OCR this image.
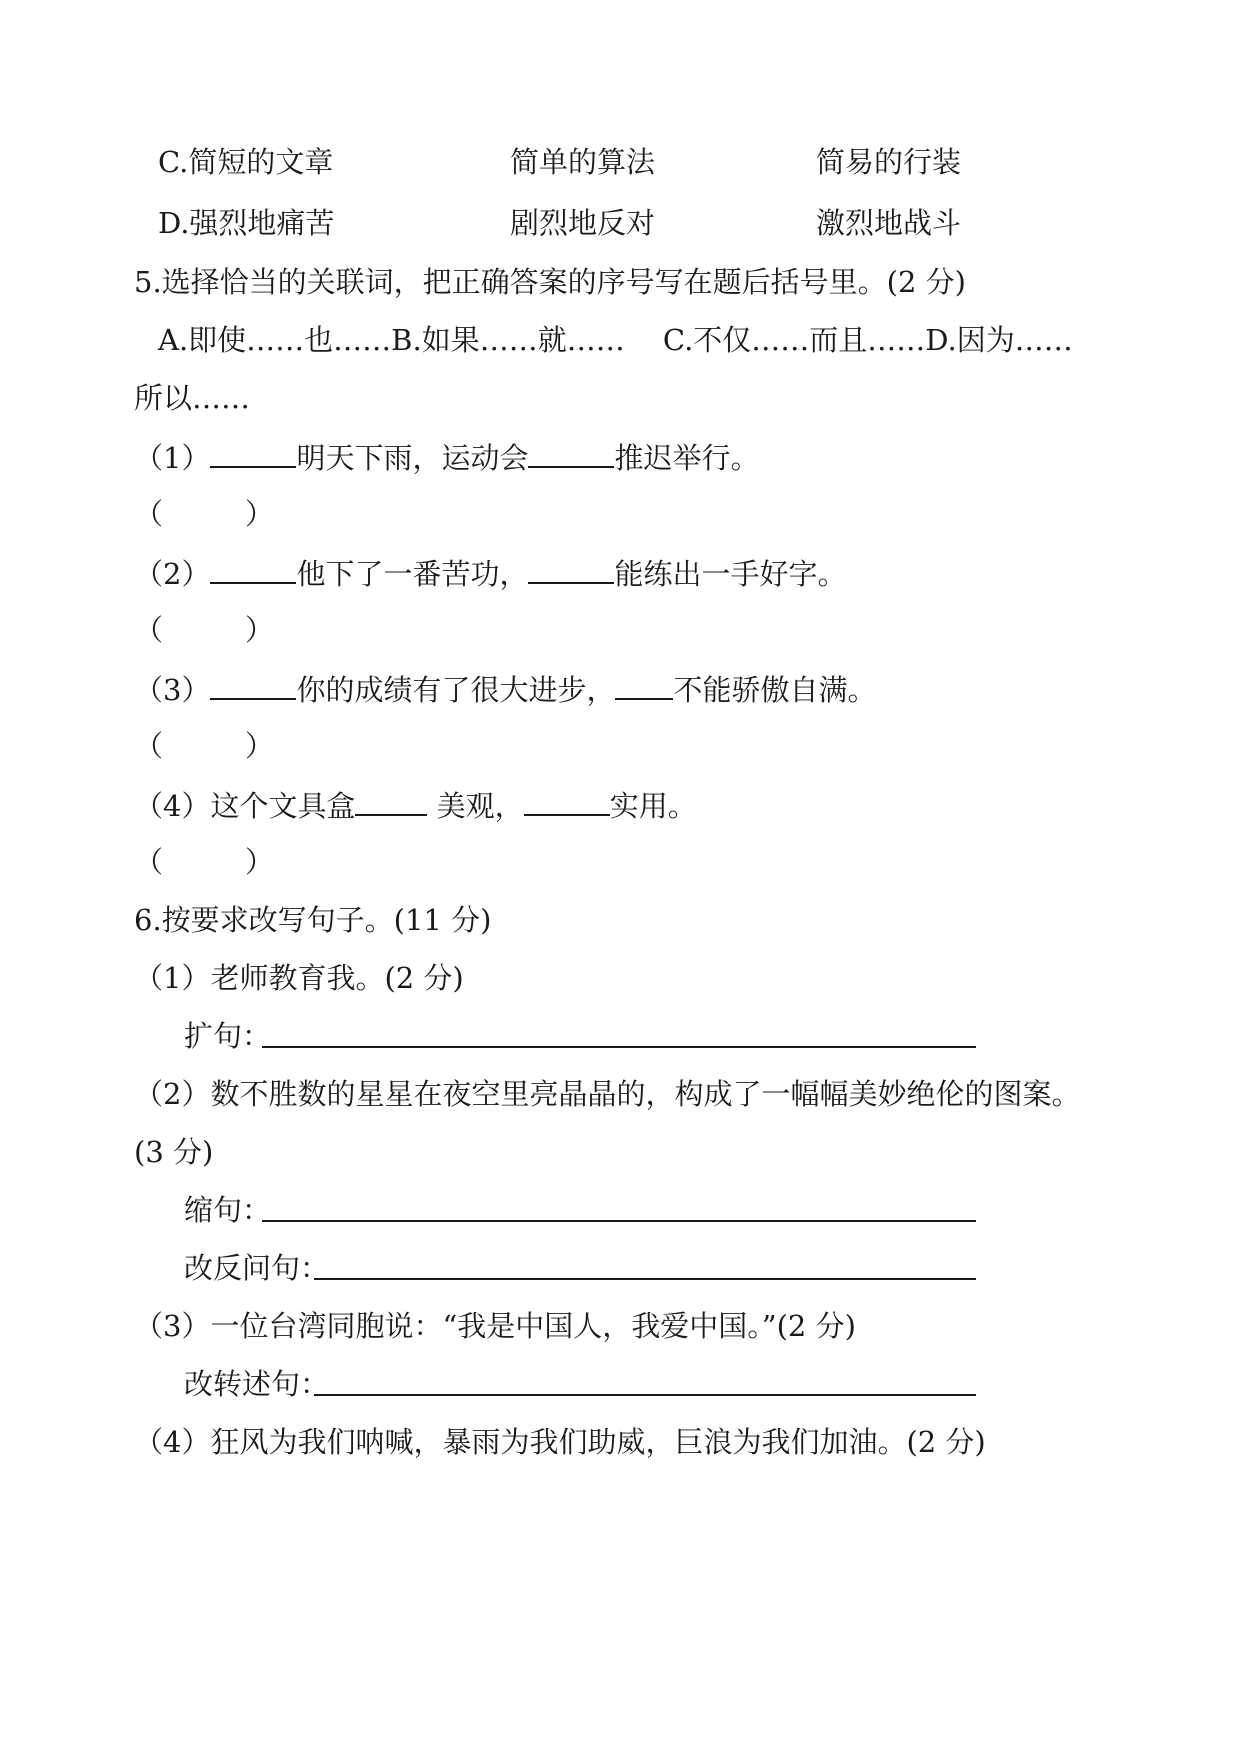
C.简短的文章	简单的算法	简易的行装
D.强烈地痛苦	剧烈地反对	激烈地战斗
5.选择恰当的关联词，把正确答案的序号写在题后括号里。(2 分)
A.即使……也……B.如果……就……　 C.不仅……而且……D.因为……
所以……
（1）	明天下雨，运动会	推迟举行。
（	）
（2）	他下了一番苦功，	能练出一手好字。
（	）
（3）	你的成绩有了很大进步， 不能骄傲自满。
（	）
（4）这个文具盒 美观，	实用。
（	）
6.按要求改写句子。(11 分)
（1）老师教育我。(2 分)
扩句：
（2）数不胜数的星星在夜空里亮晶晶的，构成了一幅幅美妙绝伦的图案。
(3 分)
缩句：
改反问句：
（3）一位台湾同胞说：“我是中国人，我爱中国。”(2 分)
改转述句：
（4）狂风为我们呐喊，暴雨为我们助威，巨浪为我们加油。(2 分)
